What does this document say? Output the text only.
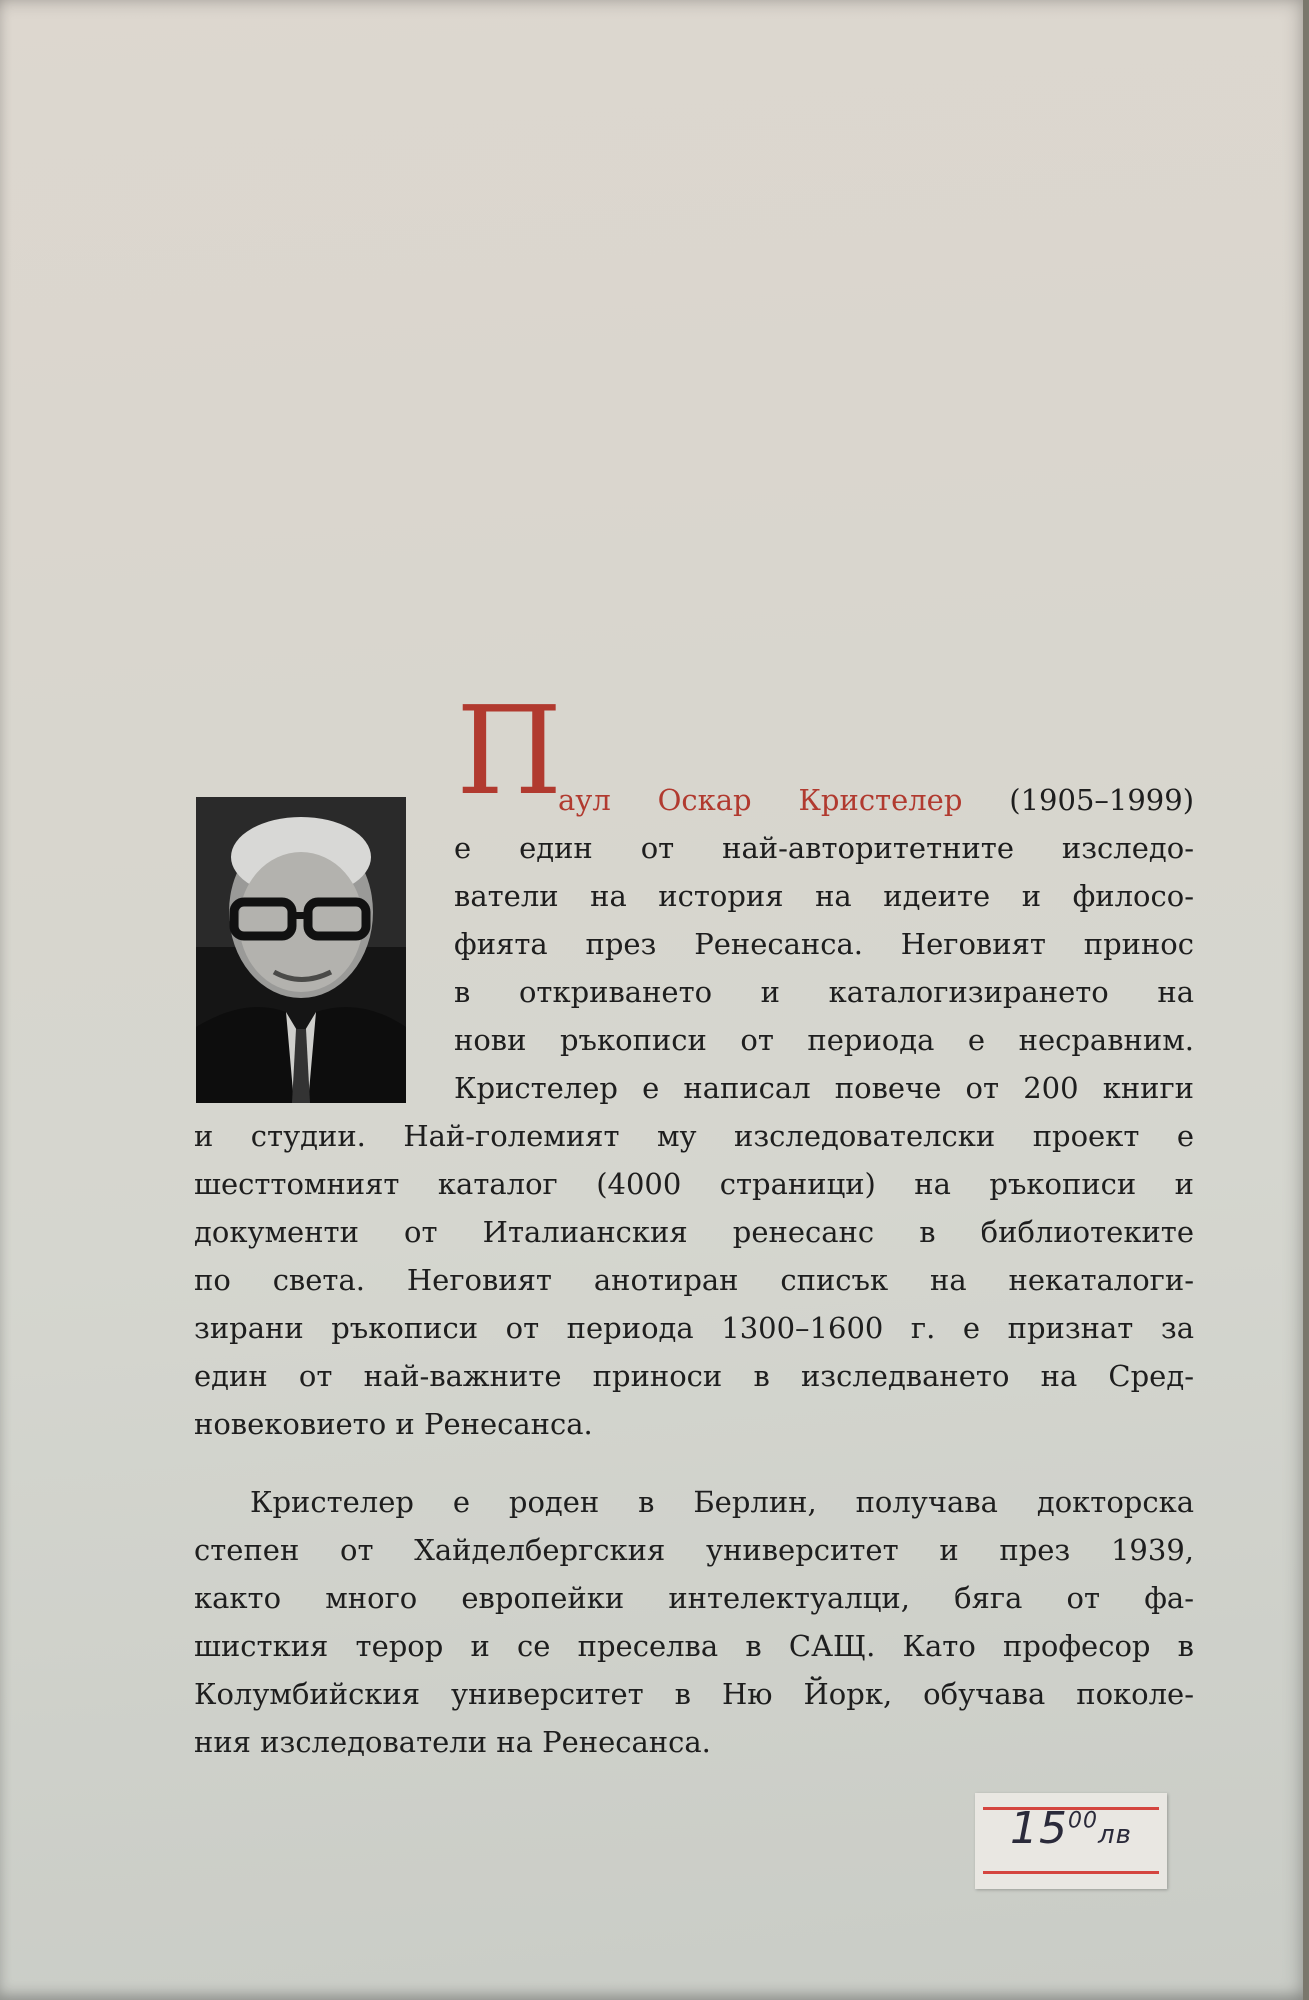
П
аул Оскар Кристелер (1905–1999)
е един от най-авторитетните изследо-
ватели на история на идеите и филосо-
фията през Ренесанса. Неговият принос
в откриването и каталогизирането на
нови ръкописи от периода е несравним.
Кристелер е написал повече от 200 книги
и студии. Най-големият му изследователски проект е
шесттомният каталог (4000 страници) на ръкописи и
документи от Италианския ренесанс в библиотеките
по света. Неговият анотиран списък на некаталоги-
зирани ръкописи от периода 1300–1600 г. е признат за
един от най-важните приноси в изследването на Сред-
новековието и Ренесанса.
Кристелер е роден в Берлин, получава докторска
степен от Хайделбергския университет и през 1939,
както много европейки интелектуалци, бяга от фа-
шисткия терор и се преселва в САЩ. Като професор в
Колумбийския университет в Ню Йорк, обучава поколе-
ния изследователи на Ренесанса.
$15^{00}лв$
